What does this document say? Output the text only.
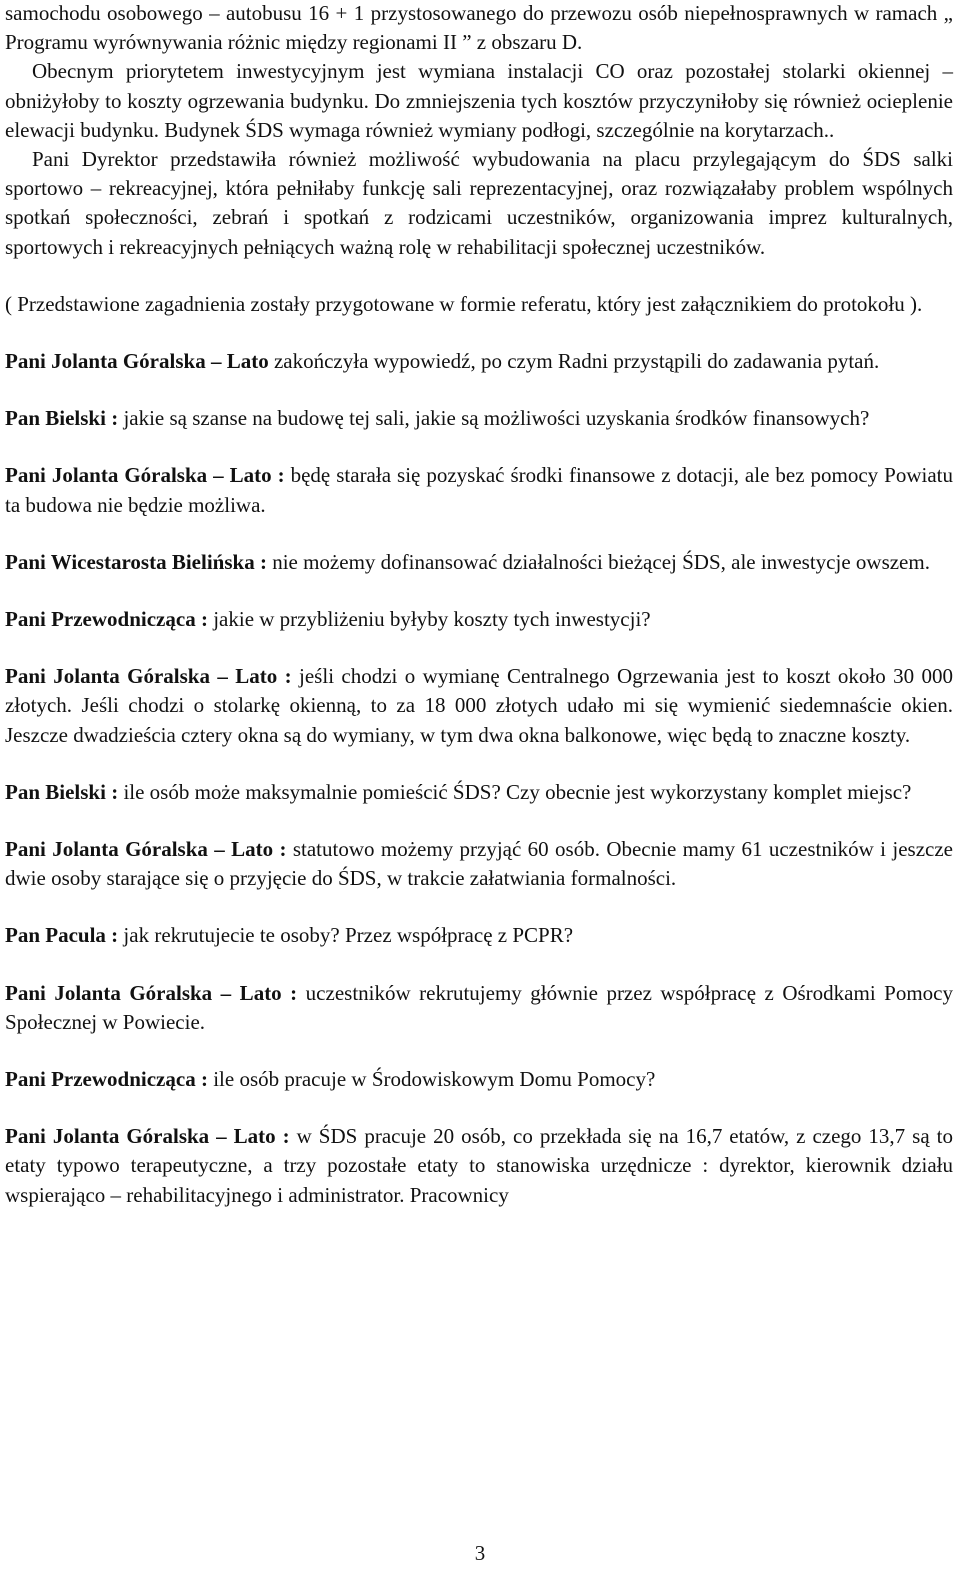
samochodu osobowego – autobusu 16 + 1 przystosowanego do przewozu osób niepełnosprawnych w ramach „ Programu wyrównywania różnic między regionami II ” z obszaru D.

Obecnym priorytetem inwestycyjnym jest wymiana instalacji CO oraz pozostałej stolarki okiennej – obniżyłoby to koszty ogrzewania budynku. Do zmniejszenia tych kosztów przyczyniłoby się również ocieplenie elewacji budynku. Budynek ŚDS wymaga również wymiany podłogi, szczególnie na korytarzach..

Pani Dyrektor przedstawiła również możliwość wybudowania na placu przylegającym do ŚDS salki sportowo – rekreacyjnej, która pełniłaby funkcję sali reprezentacyjnej, oraz rozwiązałaby problem wspólnych spotkań społeczności, zebrań i spotkań z rodzicami uczestników, organizowania imprez kulturalnych, sportowych i rekreacyjnych pełniących ważną rolę w rehabilitacji społecznej uczestników.

( Przedstawione zagadnienia zostały przygotowane w formie referatu, który jest załącznikiem do protokołu ).

Pani Jolanta Góralska – Lato zakończyła wypowiedź, po czym Radni przystąpili do zadawania pytań.

Pan Bielski : jakie są szanse na budowę tej sali, jakie są możliwości uzyskania środków finansowych?

Pani Jolanta Góralska – Lato : będę starała się pozyskać środki finansowe z dotacji, ale bez pomocy Powiatu ta budowa nie będzie możliwa.

Pani Wicestarosta Bielińska : nie możemy dofinansować działalności bieżącej ŚDS, ale inwestycje owszem.

Pani Przewodnicząca : jakie w przybliżeniu byłyby koszty tych inwestycji?

Pani Jolanta Góralska – Lato : jeśli chodzi o wymianę Centralnego Ogrzewania jest to koszt około 30 000 złotych. Jeśli chodzi o stolarkę okienną, to za 18 000 złotych udało mi się wymienić siedemnaście okien. Jeszcze dwadzieścia cztery okna są do wymiany, w tym dwa okna balkonowe, więc będą to znaczne koszty.

Pan Bielski : ile osób może maksymalnie pomieścić ŚDS? Czy obecnie jest wykorzystany komplet miejsc?

Pani Jolanta Góralska – Lato : statutowo możemy przyjąć 60 osób. Obecnie mamy 61 uczestników i jeszcze dwie osoby starające się o przyjęcie do ŚDS, w trakcie załatwiania formalności.

Pan Paculа : jak rekrutujecie te osoby? Przez współpracę z PCPR?

Pani Jolanta Góralska – Lato : uczestników rekrutujemy głównie przez współpracę z Ośrodkami Pomocy Społecznej w Powiecie.

Pani Przewodnicząca : ile osób pracuje w Środowiskowym Domu Pomocy?

Pani Jolanta Góralska – Lato : w ŚDS pracuje 20 osób, co przekłada się na 16,7 etatów, z czego 13,7 są to etaty typowo terapeutyczne, a trzy pozostałe etaty to stanowiska urzędnicze : dyrektor, kierownik działu wspierająco – rehabilitacyjnego i administrator. Pracownicy

3
